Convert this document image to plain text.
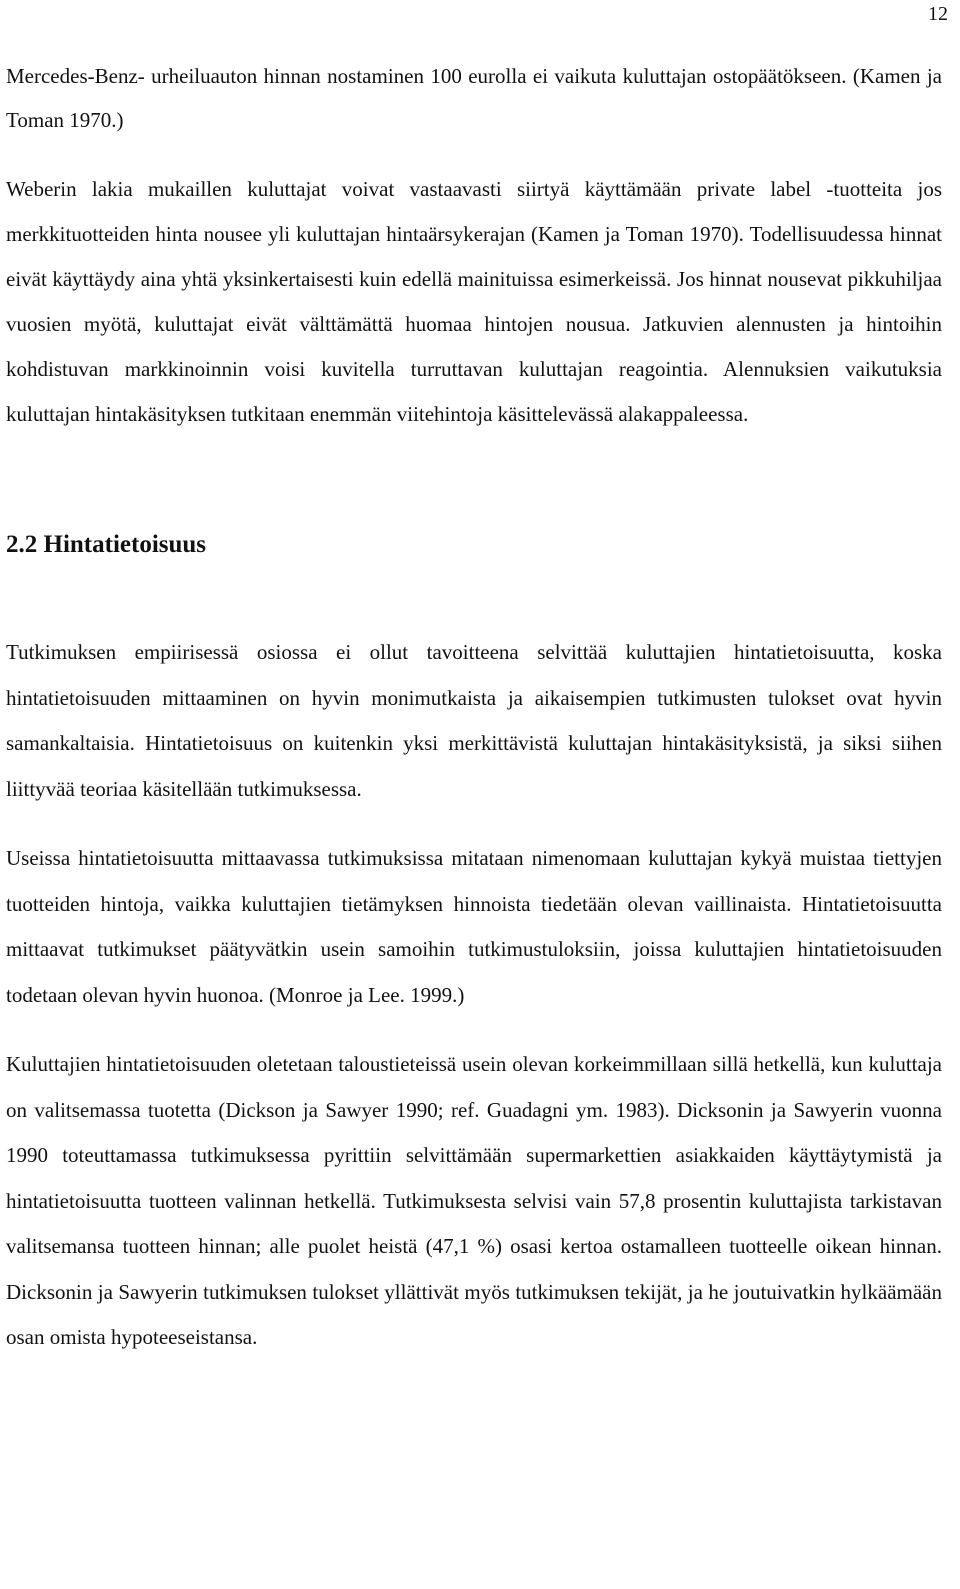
12

Mercedes-Benz- urheiluauton hinnan nostaminen 100 eurolla ei vaikuta kuluttajan ostopäätökseen. (Kamen ja Toman 1970.)

Weberin lakia mukaillen kuluttajat voivat vastaavasti siirtyä käyttämään private label -tuotteita jos merkkituotteiden hinta nousee yli kuluttajan hintaärsykerajan (Kamen ja Toman 1970). Todellisuudessa hinnat eivät käyttäydy aina yhtä yksinkertaisesti kuin edellä mainituissa esimerkeissä. Jos hinnat nousevat pikkuhiljaa vuosien myötä, kuluttajat eivät välttämättä huomaa hintojen nousua. Jatkuvien alennusten ja hintoihin kohdistuvan markkinoinnin voisi kuvitella turruttavan kuluttajan reagointia. Alennuksien vaikutuksia kuluttajan hintakäsityksen tutkitaan enemmän viitehintoja käsittelevässä alakappaleessa.

2.2 Hintatietoisuus

Tutkimuksen empiirisessä osiossa ei ollut tavoitteena selvittää kuluttajien hintatietoisuutta, koska hintatietoisuuden mittaaminen on hyvin monimutkaista ja aikaisempien tutkimusten tulokset ovat hyvin samankaltaisia. Hintatietoisuus on kuitenkin yksi merkittävistä kuluttajan hintakäsityksistä, ja siksi siihen liittyvää teoriaa käsitellään tutkimuksessa.

Useissa hintatietoisuutta mittaavassa tutkimuksissa mitataan nimenomaan kuluttajan kykyä muistaa tiettyjen tuotteiden hintoja, vaikka kuluttajien tietämyksen hinnoista tiedetään olevan vaillinaista. Hintatietoisuutta mittaavat tutkimukset päätyvätkin usein samoihin tutkimustuloksiin, joissa kuluttajien hintatietoisuuden todetaan olevan hyvin huonoa. (Monroe ja Lee. 1999.)

Kuluttajien hintatietoisuuden oletetaan taloustieteissä usein olevan korkeimmillaan sillä hetkellä, kun kuluttaja on valitsemassa tuotetta (Dickson ja Sawyer 1990; ref. Guadagni ym. 1983). Dicksonin ja Sawyerin vuonna 1990 toteuttamassa tutkimuksessa pyrittiin selvittämään supermarkettien asiakkaiden käyttäytymistä ja hintatietoisuutta tuotteen valinnan hetkellä. Tutkimuksesta selvisi vain 57,8 prosentin kuluttajista tarkistavan valitsemansa tuotteen hinnan; alle puolet heistä (47,1 %) osasi kertoa ostamalleen tuotteelle oikean hinnan. Dicksonin ja Sawyerin tutkimuksen tulokset yllättivät myös tutkimuksen tekijät, ja he joutuivatkin hylkäämään osan omista hypoteeseistansa.
